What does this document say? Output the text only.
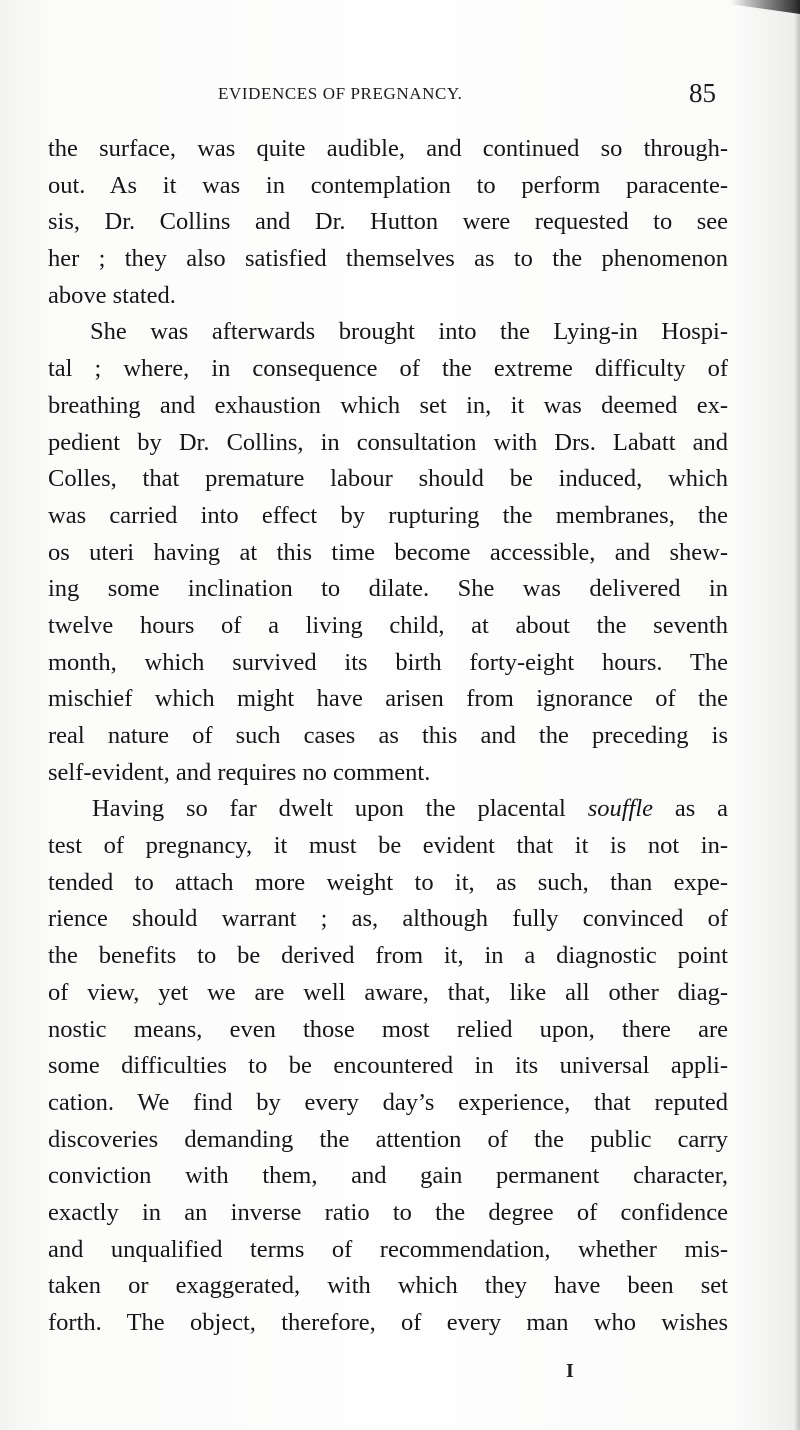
EVIDENCES OF PREGNANCY.	85
the surface, was quite audible, and continued so through-
out. As it was in contemplation to perform paracente-
sis, Dr. Collins and Dr. Hutton were requested to see
her ; they also satisfied themselves as to the phenomenon
above stated.
She was afterwards brought into the Lying-in Hospi-
tal ; where, in consequence of the extreme difficulty of
breathing and exhaustion which set in, it was deemed ex-
pedient by Dr. Collins, in consultation with Drs. Labatt and
Colles, that premature labour should be induced, which
was carried into effect by rupturing the membranes, the
os uteri having at this time become accessible, and shew-
ing some inclination to dilate. She was delivered in
twelve hours of a living child, at about the seventh
month, which survived its birth forty-eight hours. The
mischief which might have arisen from ignorance of the
real nature of such cases as this and the preceding is
self-evident, and requires no comment.
Having so far dwelt upon the placental souffle as a
test of pregnancy, it must be evident that it is not in-
tended to attach more weight to it, as such, than expe-
rience should warrant ; as, although fully convinced of
the benefits to be derived from it, in a diagnostic point
of view, yet we are well aware, that, like all other diag-
nostic means, even those most relied upon, there are
some difficulties to be encountered in its universal appli-
cation. We find by every day’s experience, that reputed
discoveries demanding the attention of the public carry
conviction with them, and gain permanent character,
exactly in an inverse ratio to the degree of confidence
and unqualified terms of recommendation, whether mis-
taken or exaggerated, with which they have been set
forth. The object, therefore, of every man who wishes
I
